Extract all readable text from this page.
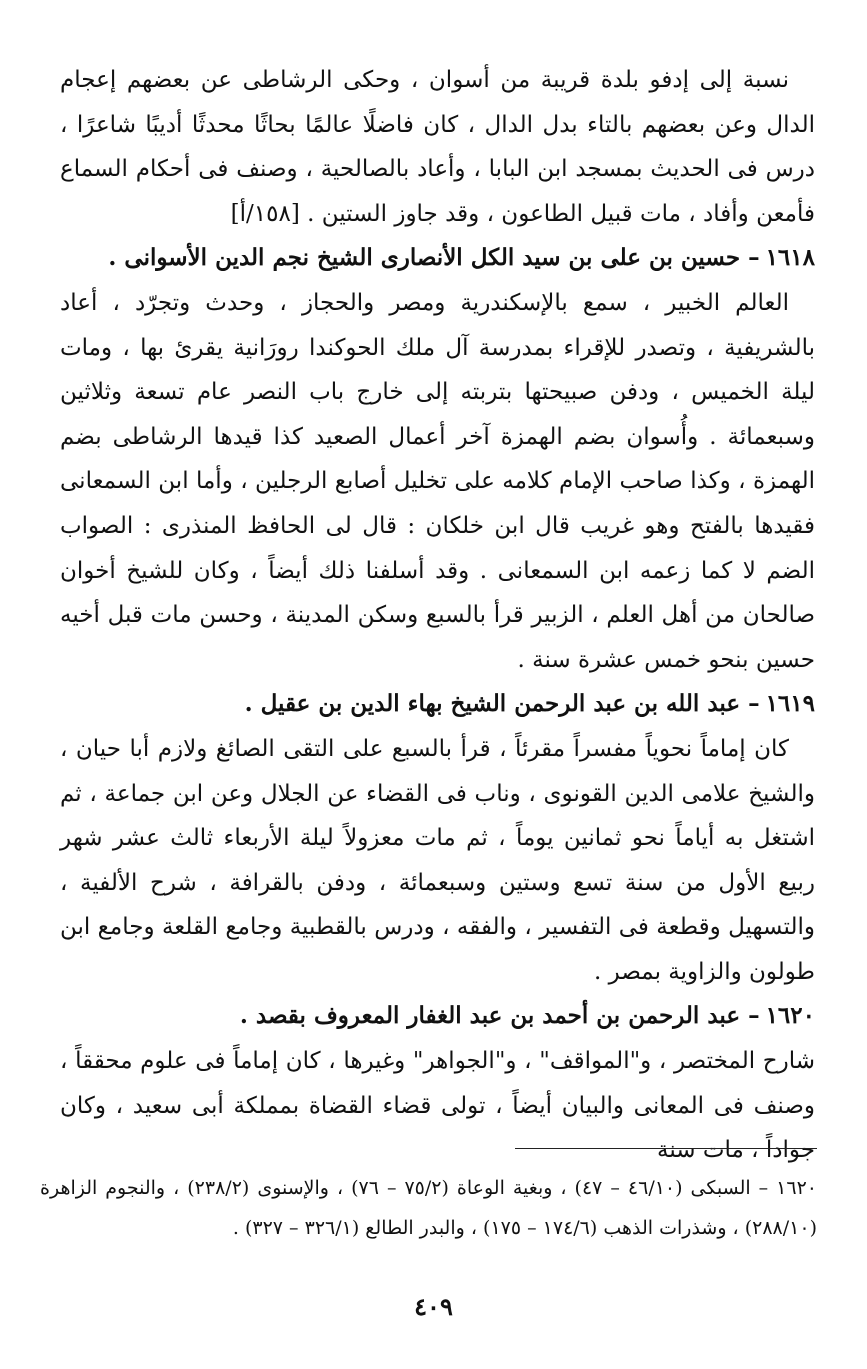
نسبة إلى إدفو بلدة قريبة من أسوان ، وحكى الرشاطى عن بعضهم إعجام الدال وعن بعضهم بالتاء بدل الدال ، كان فاضلًا عالمًا بحاثًا محدثًا أديبًا شاعرًا ، درس فى الحديث بمسجد ابن البابا ، وأعاد بالصالحية ، وصنف فى أحكام السماع فأمعن وأفاد ، مات قبيل الطاعون ، وقد جاوز الستين . [١٥٨/أ]

١٦١٨– حسين بن على بن سيد الكل الأنصارى الشيخ نجم الدين الأسوانى .

العالم الخبير ، سمع بالإسكندرية ومصر والحجاز ، وحدث وتجرّد ، أعاد بالشريفية ، وتصدر للإقراء بمدرسة آل ملك الحوكندا رورَانية يقرئ بها ، ومات ليلة الخميس ، ودفن صبيحتها بتربته إلى خارج باب النصر عام تسعة وثلاثين وسبعمائة . وأُسوان بضم الهمزة آخر أعمال الصعيد كذا قيدها الرشاطى بضم الهمزة ، وكذا صاحب الإمام كلامه على تخليل أصابع الرجلين ، وأما ابن السمعانى فقيدها بالفتح وهو غريب قال ابن خلكان : قال لى الحافظ المنذرى : الصواب الضم لا كما زعمه ابن السمعانى . وقد أسلفنا ذلك أيضاً ، وكان للشيخ أخوان صالحان من أهل العلم ، الزبير قرأ بالسبع وسكن المدينة ، وحسن مات قبل أخيه حسين بنحو خمس عشرة سنة .

١٦١٩– عبد الله بن عبد الرحمن الشيخ بهاء الدين بن عقيل .

كان إماماً نحوياً مفسراً مقرئاً ، قرأ بالسبع على التقى الصائغ ولازم أبا حيان ، والشيخ علامى الدين القونوى ، وناب فى القضاء عن الجلال وعن ابن جماعة ، ثم اشتغل به أياماً نحو ثمانين يوماً ، ثم مات معزولاً ليلة الأربعاء ثالث عشر شهر ربيع الأول من سنة تسع وستين وسبعمائة ، ودفن بالقرافة ، شرح الألفية ، والتسهيل وقطعة فى التفسير ، والفقه ، ودرس بالقطبية وجامع القلعة وجامع ابن طولون والزاوية بمصر .

١٦٢٠– عبد الرحمن بن أحمد بن عبد الغفار المعروف بقصد .

شارح المختصر ، و"المواقف" ، و"الجواهر" وغيرها ، كان إماماً فى علوم محققاً ، وصنف فى المعانى والبيان أيضاً ، تولى قضاء القضاة بمملكة أبى سعيد ، وكان جواداً ، مات سنة

١٦٢٠ – السبكى (٤٦/١٠ – ٤٧) ، وبغية الوعاة (٧٥/٢ – ٧٦) ، والإسنوى (٢٣٨/٢) ، والنجوم الزاهرة (٢٨٨/١٠) ، وشذرات الذهب (١٧٤/٦ – ١٧٥) ، والبدر الطالع (٣٢٦/١ – ٣٢٧) .

٤٠٩
